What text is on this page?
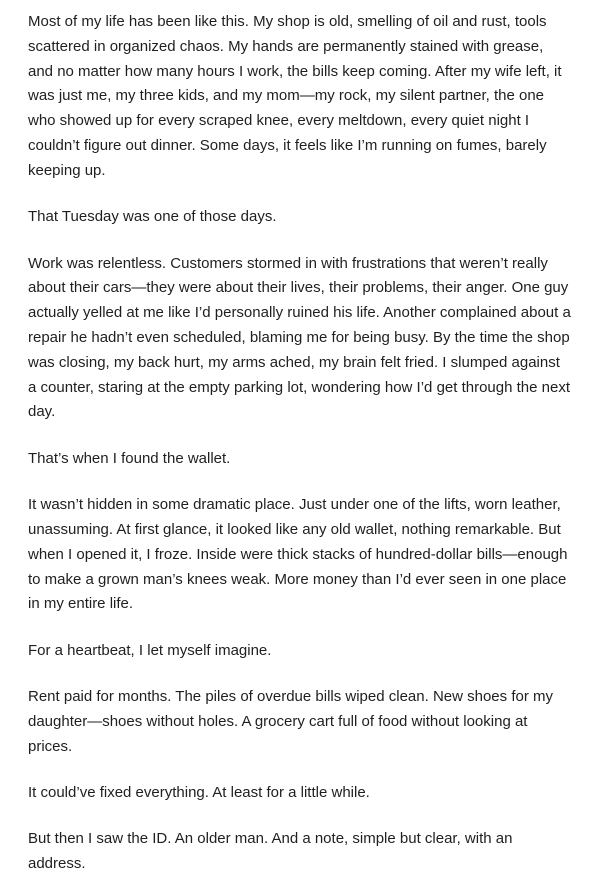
Most of my life has been like this. My shop is old, smelling of oil and rust, tools scattered in organized chaos. My hands are permanently stained with grease, and no matter how many hours I work, the bills keep coming. After my wife left, it was just me, my three kids, and my mom—my rock, my silent partner, the one who showed up for every scraped knee, every meltdown, every quiet night I couldn’t figure out dinner. Some days, it feels like I’m running on fumes, barely keeping up.

That Tuesday was one of those days.

Work was relentless. Customers stormed in with frustrations that weren’t really about their cars—they were about their lives, their problems, their anger. One guy actually yelled at me like I’d personally ruined his life. Another complained about a repair he hadn’t even scheduled, blaming me for being busy. By the time the shop was closing, my back hurt, my arms ached, my brain felt fried. I slumped against a counter, staring at the empty parking lot, wondering how I’d get through the next day.

That’s when I found the wallet.

It wasn’t hidden in some dramatic place. Just under one of the lifts, worn leather, unassuming. At first glance, it looked like any old wallet, nothing remarkable. But when I opened it, I froze. Inside were thick stacks of hundred-dollar bills—enough to make a grown man’s knees weak. More money than I’d ever seen in one place in my entire life.

For a heartbeat, I let myself imagine.

Rent paid for months. The piles of overdue bills wiped clean. New shoes for my daughter—shoes without holes. A grocery cart full of food without looking at prices.

It could’ve fixed everything. At least for a little while.

But then I saw the ID. An older man. And a note, simple but clear, with an address.
